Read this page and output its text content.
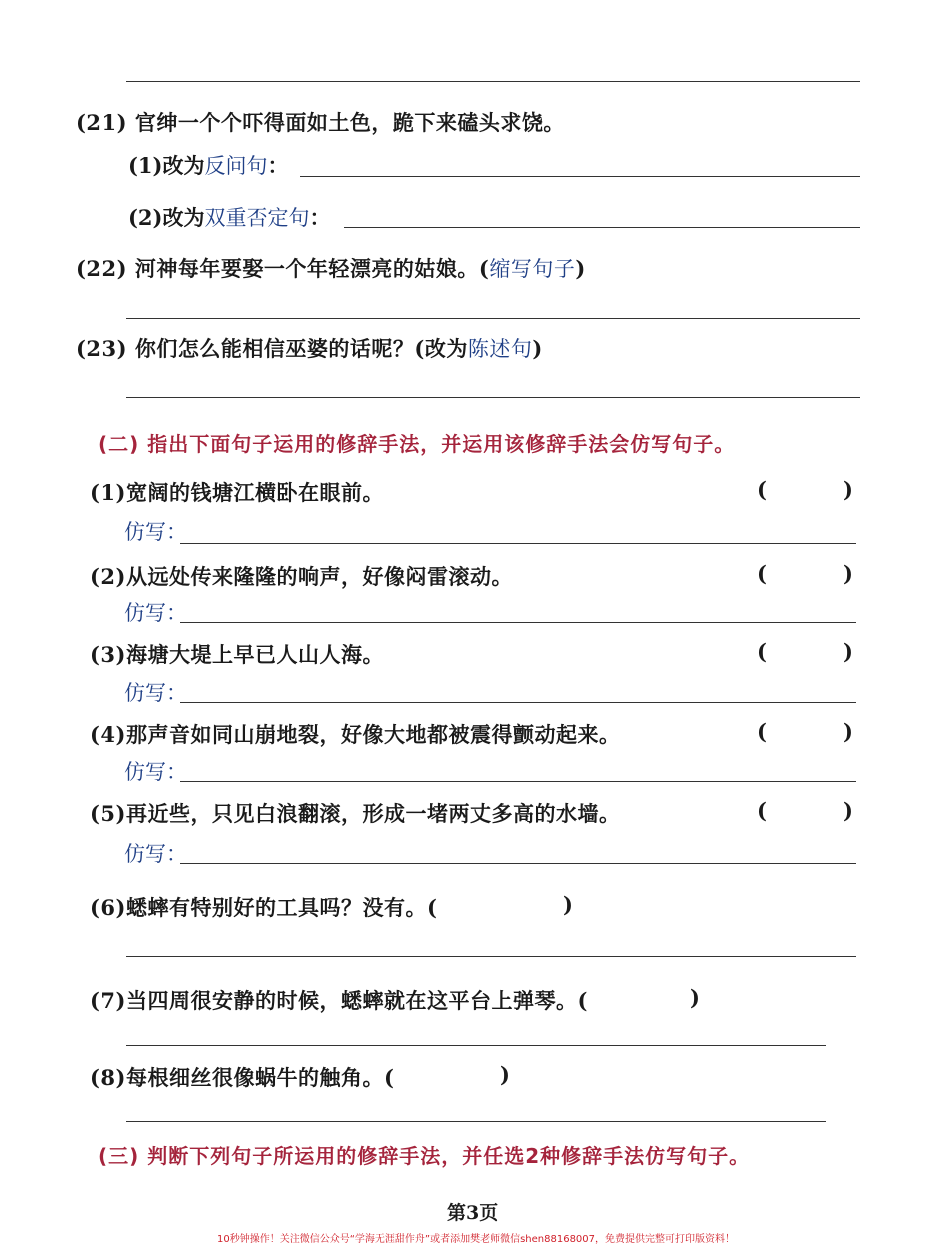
(21) 官绅一个个吓得面如土色，跪下来磕头求饶。
(1)改为反问句：
(2)改为双重否定句：
(22) 河神每年要娶一个年轻漂亮的姑娘。(缩写句子)
(23) 你们怎么能相信巫婆的话呢？(改为陈述句)
(二) 指出下面句子运用的修辞手法，并运用该修辞手法会仿写句子。
(1)宽阔的钱塘江横卧在眼前。	(	)
仿写：
(2)从远处传来隆隆的响声，好像闷雷滚动。	(	)
仿写：
(3)海塘大堤上早已人山人海。	(	)
仿写：
(4)那声音如同山崩地裂，好像大地都被震得颤动起来。	(	)
仿写：
(5)再近些，只见白浪翻滚，形成一堵两丈多高的水墙。	(	)
仿写：
(6)蟋蟀有特别好的工具吗？没有。(	)
(7)当四周很安静的时候，蟋蟀就在这平台上弹琴。(	)
(8)每根细丝很像蜗牛的触角。(	)
(三) 判断下列句子所运用的修辞手法，并任选2种修辞手法仿写句子。
第3页
10秒钟操作！关注微信公众号“学海无涯甜作舟”或者添加樊老师微信shen88168007，免费提供完整可打印版资料！
